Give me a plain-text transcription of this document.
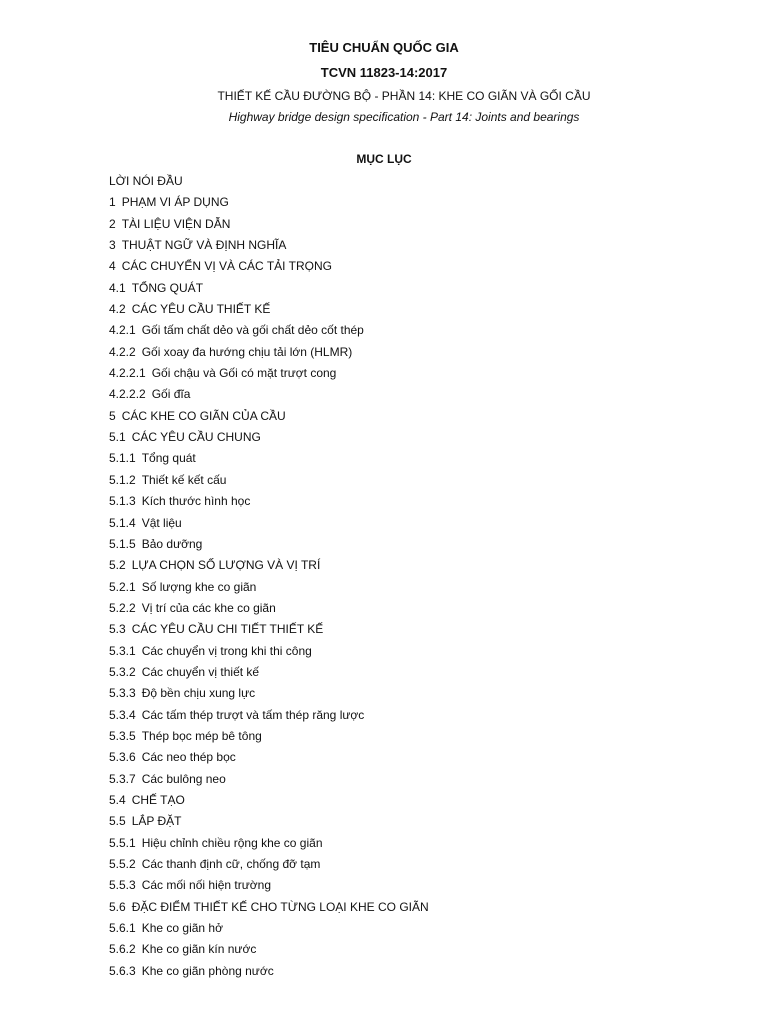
TIÊU CHUẨN QUỐC GIA
TCVN 11823-14:2017
THIẾT KẾ CẦU ĐƯỜNG BỘ - PHẦN 14: KHE CO GIÃN VÀ GỐI CẦU
Highway bridge design specification - Part 14: Joints and bearings
MỤC LỤC
LỜI NÓI ĐẦU
1 PHẠM VI ÁP DỤNG
2 TÀI LIỆU VIỆN DẪN
3 THUẬT NGỮ VÀ ĐỊNH NGHĨA
4 CÁC CHUYỂN VỊ VÀ CÁC TẢI TRỌNG
4.1 TỔNG QUÁT
4.2 CÁC YÊU CẦU THIẾT KẾ
4.2.1 Gối tấm chất dẻo và gối chất dẻo cốt thép
4.2.2 Gối xoay đa hướng chịu tải lớn (HLMR)
4.2.2.1 Gối chậu và Gối có mặt trượt cong
4.2.2.2 Gối đĩa
5 CÁC KHE CO GIÃN CỦA CẦU
5.1 CÁC YÊU CẦU CHUNG
5.1.1 Tổng quát
5.1.2 Thiết kế kết cấu
5.1.3 Kích thước hình học
5.1.4 Vật liệu
5.1.5 Bảo dưỡng
5.2 LỰA CHỌN SỐ LƯỢNG VÀ VỊ TRÍ
5.2.1 Số lượng khe co giãn
5.2.2 Vị trí của các khe co giãn
5.3 CÁC YÊU CẦU CHI TIẾT THIẾT KẾ
5.3.1 Các chuyển vị trong khi thi công
5.3.2 Các chuyển vị thiết kế
5.3.3 Độ bền chịu xung lực
5.3.4 Các tấm thép trượt và tấm thép răng lược
5.3.5 Thép bọc mép bê tông
5.3.6 Các neo thép bọc
5.3.7 Các bulông neo
5.4 CHẾ TẠO
5.5 LẮP ĐẶT
5.5.1 Hiệu chỉnh chiều rộng khe co giãn
5.5.2 Các thanh định cữ, chống đỡ tạm
5.5.3 Các mối nối hiện trường
5.6 ĐẶC ĐIỂM THIẾT KẾ CHO TỪNG LOẠI KHE CO GIÃN
5.6.1 Khe co giãn hở
5.6.2 Khe co giãn kín nước
5.6.3 Khe co giãn phòng nước
